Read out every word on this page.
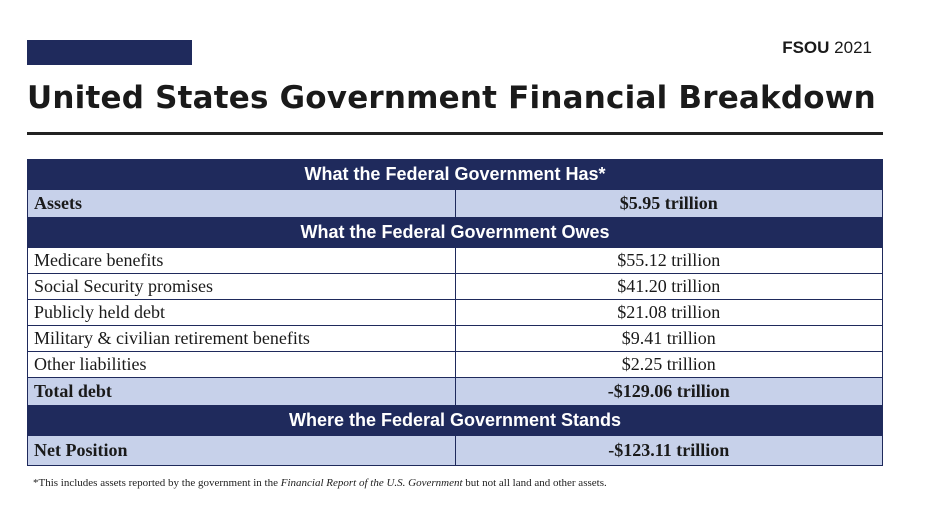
FSOU 2021
United States Government Financial Breakdown
What the Federal Government Has*	
Assets	$5.95 trillion
What the Federal Government Owes	
Medicare benefits	$55.12 trillion
Social Security promises	$41.20 trillion
Publicly held debt	$21.08 trillion
Military & civilian retirement benefits	$9.41 trillion
Other liabilities	$2.25 trillion
Total debt	-$129.06 trillion
Where the Federal Government Stands	
Net Position	-$123.11 trillion
*This includes assets reported by the government in the Financial Report of the U.S. Government but not all land and other assets.
